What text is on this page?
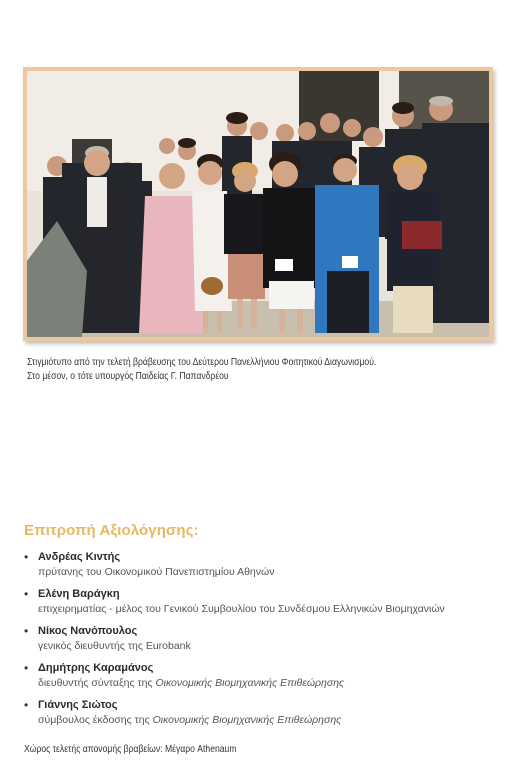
Στιγμιότυπο από την τελετή βράβευσης του Δεύτερου Πανελλήνιου Φοιτητικού Διαγωνισμού.
Στο μέσον, ο τότε υπουργός Παιδείας Γ. Παπανδρέου
Επιτροπή Αξιολόγησης:
• Ανδρέας Κιντής
πρύτανης του Οικονομικού Πανεπιστημίου Αθηνών
• Ελένη Βαράγκη
επιχειρηματίας - μέλος του Γενικού Συμβουλίου του Συνδέσμου Ελληνικών Βιομηχανιών
• Νίκος Νανόπουλος
γενικός διευθυντής της Eurobank
• Δημήτρης Καραμάνος
διευθυντής σύνταξης της Οικονομικής Βιομηχανικής Επιθεώρησης
• Γιάννης Σιώτος
σύμβουλος έκδοσης της Οικονομικής Βιομηχανικής Επιθεώρησης
Χώρος τελετής απονομής βραβείων: Μέγαρο Athenaum
